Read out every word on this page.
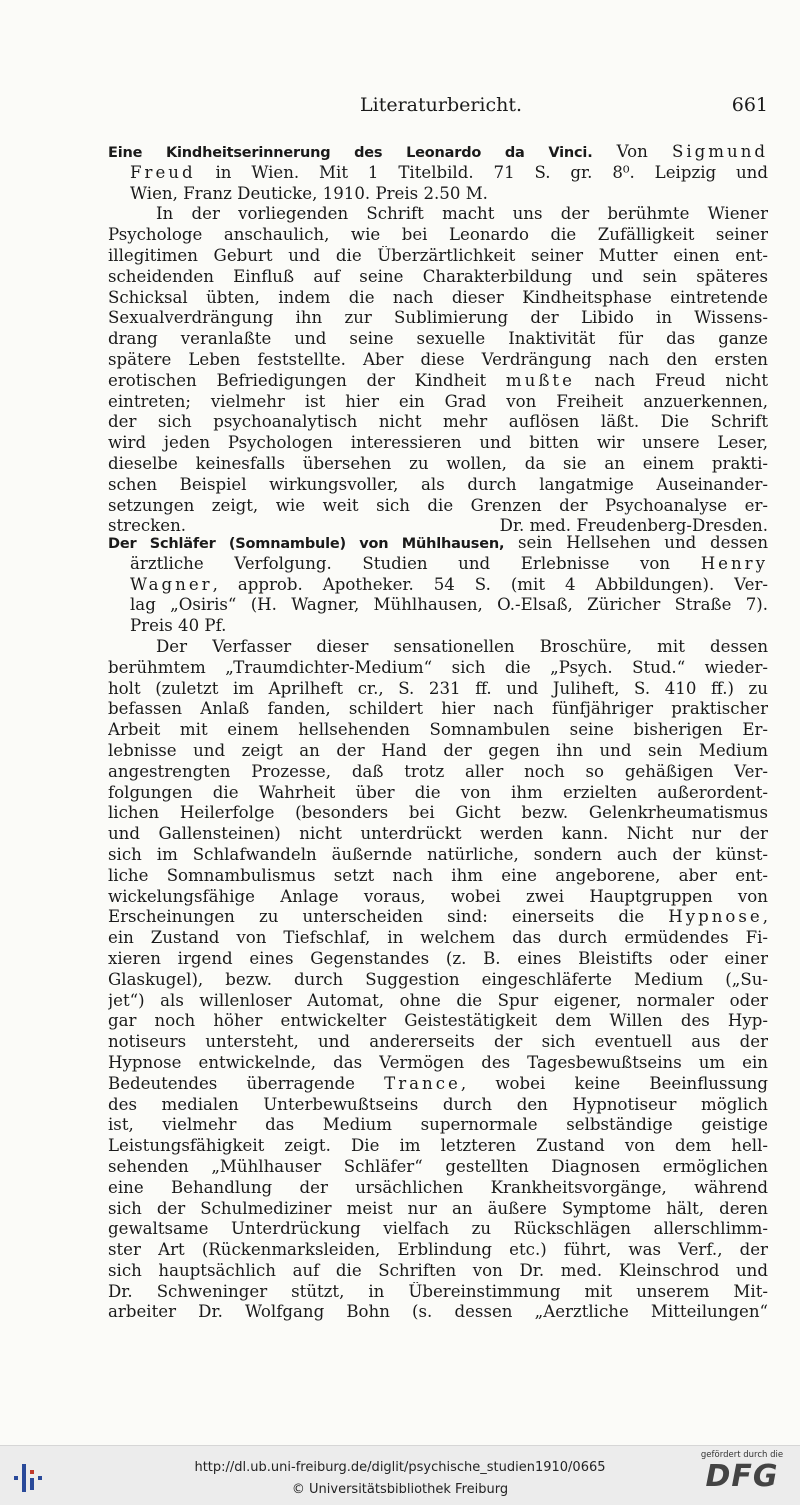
Literaturbericht.	661
Eine Kindheitserinnerung des Leonardo da Vinci. Von Sigmund
Freud in Wien. Mit 1 Titelbild. 71 S. gr. 8⁰. Leipzig und
Wien, Franz Deuticke, 1910. Preis 2.50 M.
In der vorliegenden Schrift macht uns der berühmte Wiener
Psychologe anschaulich, wie bei Leonardo die Zufälligkeit seiner
illegitimen Geburt und die Überzärtlichkeit seiner Mutter einen ent-
scheidenden Einfluß auf seine Charakterbildung und sein späteres
Schicksal übten, indem die nach dieser Kindheitsphase eintretende
Sexualverdrängung ihn zur Sublimierung der Libido in Wissens-
drang veranlaßte und seine sexuelle Inaktivität für das ganze
spätere Leben feststellte. Aber diese Verdrängung nach den ersten
erotischen Befriedigungen der Kindheit mußte nach Freud nicht
eintreten; vielmehr ist hier ein Grad von Freiheit anzuerkennen,
der sich psychoanalytisch nicht mehr auflösen läßt. Die Schrift
wird jeden Psychologen interessieren und bitten wir unsere Leser,
dieselbe keinesfalls übersehen zu wollen, da sie an einem prakti-
schen Beispiel wirkungsvoller, als durch langatmige Auseinander-
setzungen zeigt, wie weit sich die Grenzen der Psychoanalyse er-
strecken.	Dr. med. Freudenberg-Dresden.
Der Schläfer (Somnambule) von Mühlhausen, sein Hellsehen und dessen
ärztliche Verfolgung. Studien und Erlebnisse von Henry
Wagner, approb. Apotheker. 54 S. (mit 4 Abbildungen). Ver-
lag „Osiris“ (H. Wagner, Mühlhausen, O.-Elsaß, Züricher Straße 7).
Preis 40 Pf.
Der Verfasser dieser sensationellen Broschüre, mit dessen
berühmtem „Traumdichter-Medium“ sich die „Psych. Stud.“ wieder-
holt (zuletzt im Aprilheft cr., S. 231 ff. und Juliheft, S. 410 ff.) zu
befassen Anlaß fanden, schildert hier nach fünfjähriger praktischer
Arbeit mit einem hellsehenden Somnambulen seine bisherigen Er-
lebnisse und zeigt an der Hand der gegen ihn und sein Medium
angestrengten Prozesse, daß trotz aller noch so gehäßigen Ver-
folgungen die Wahrheit über die von ihm erzielten außerordent-
lichen Heilerfolge (besonders bei Gicht bezw. Gelenkrheumatismus
und Gallensteinen) nicht unterdrückt werden kann. Nicht nur der
sich im Schlafwandeln äußernde natürliche, sondern auch der künst-
liche Somnambulismus setzt nach ihm eine angeborene, aber ent-
wickelungsfähige Anlage voraus, wobei zwei Hauptgruppen von
Erscheinungen zu unterscheiden sind: einerseits die Hypnose,
ein Zustand von Tiefschlaf, in welchem das durch ermüdendes Fi-
xieren irgend eines Gegenstandes (z. B. eines Bleistifts oder einer
Glaskugel), bezw. durch Suggestion eingeschläferte Medium („Su-
jet“) als willenloser Automat, ohne die Spur eigener, normaler oder
gar noch höher entwickelter Geistestätigkeit dem Willen des Hyp-
notiseurs untersteht, und andererseits der sich eventuell aus der
Hypnose entwickelnde, das Vermögen des Tagesbewußtseins um ein
Bedeutendes überragende Trance, wobei keine Beeinflussung
des medialen Unterbewußtseins durch den Hypnotiseur möglich
ist, vielmehr das Medium supernormale selbständige geistige
Leistungsfähigkeit zeigt. Die im letzteren Zustand von dem hell-
sehenden „Mühlhauser Schläfer“ gestellten Diagnosen ermöglichen
eine Behandlung der ursächlichen Krankheitsvorgänge, während
sich der Schulmediziner meist nur an äußere Symptome hält, deren
gewaltsame Unterdrückung vielfach zu Rückschlägen allerschlimm-
ster Art (Rückenmarksleiden, Erblindung etc.) führt, was Verf., der
sich hauptsächlich auf die Schriften von Dr. med. Kleinschrod und
Dr. Schweninger stützt, in Übereinstimmung mit unserem Mit-
arbeiter Dr. Wolfgang Bohn (s. dessen „Aerztliche Mitteilungen“
http://dl.ub.uni-freiburg.de/diglit/psychische_studien1910/0665
© Universitätsbibliothek Freiburg
gefördert durch die
DFG
